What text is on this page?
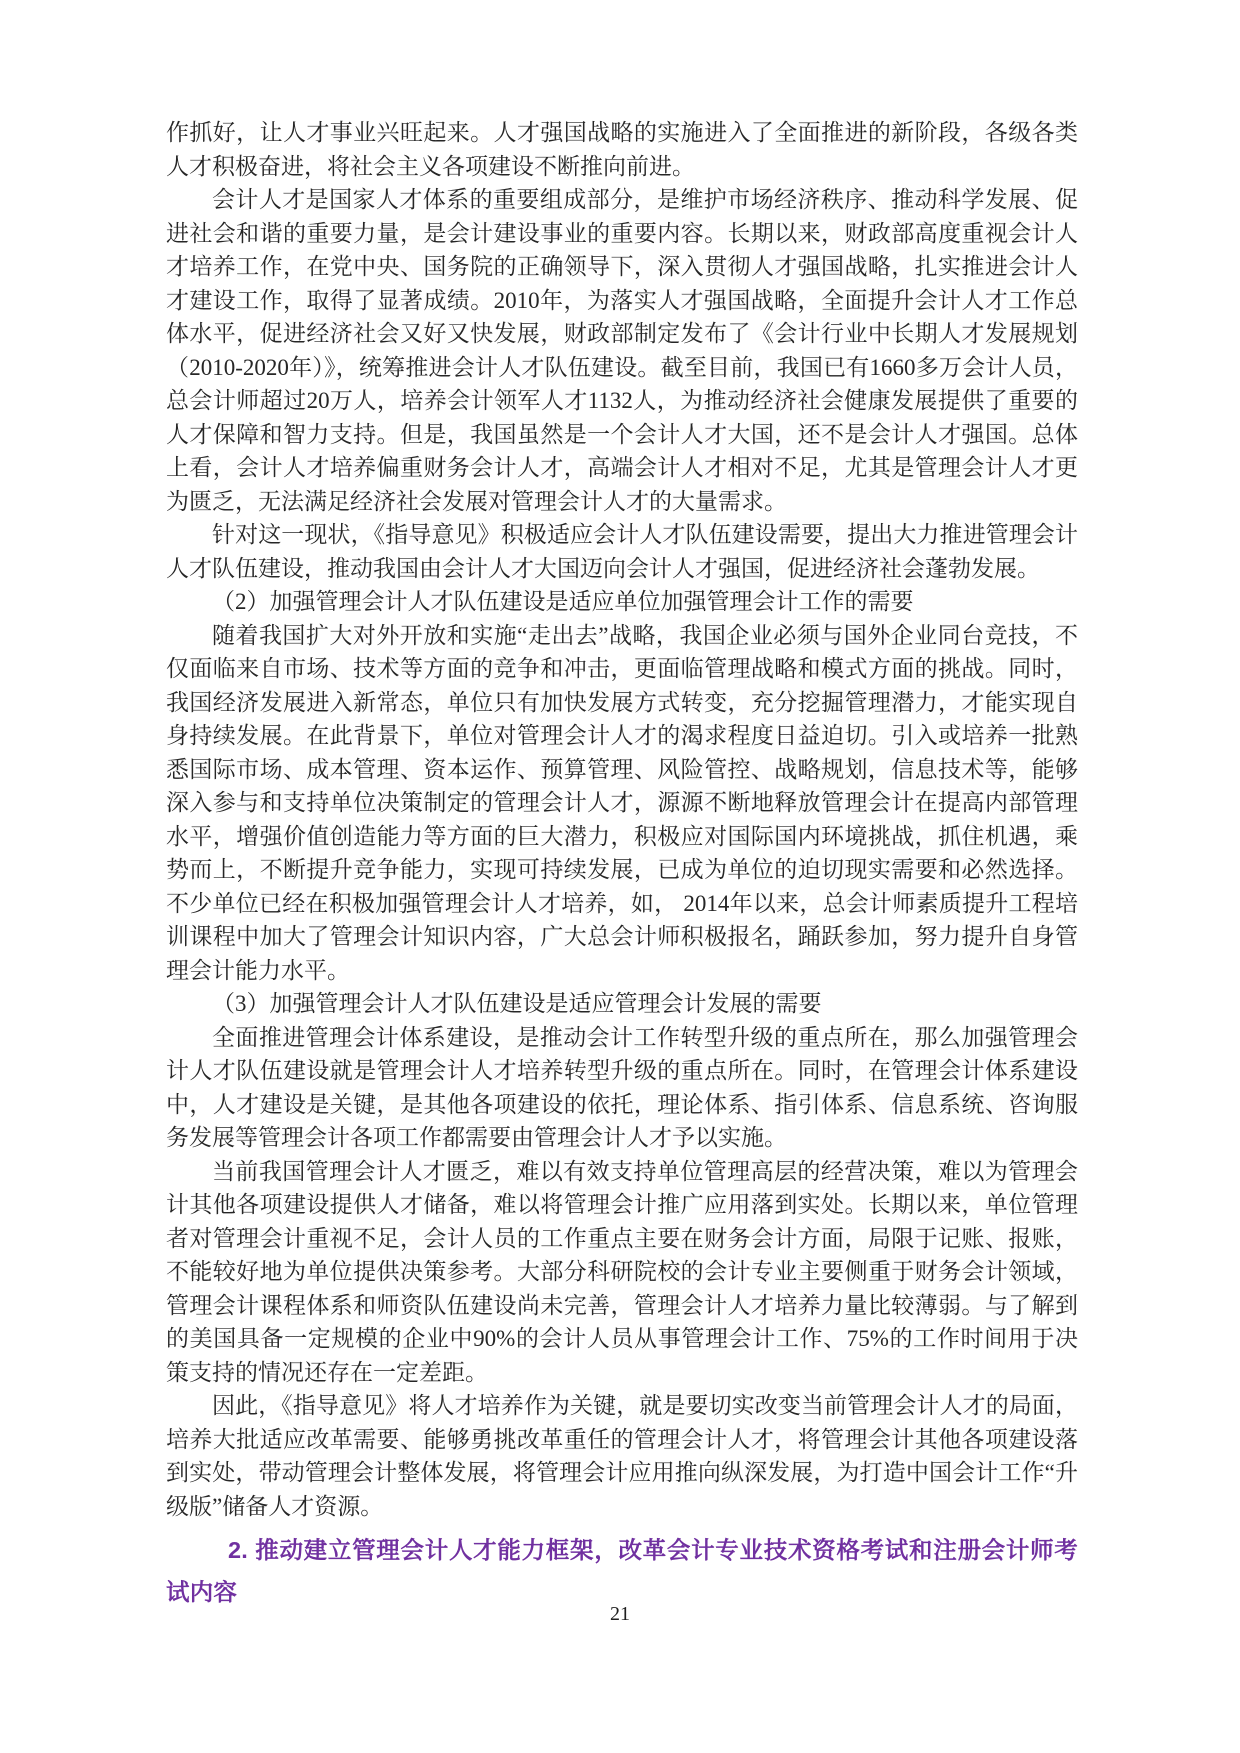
作抓好，让人才事业兴旺起来。人才强国战略的实施进入了全面推进的新阶段，各级各类人才积极奋进，将社会主义各项建设不断推向前进。

会计人才是国家人才体系的重要组成部分，是维护市场经济秩序、推动科学发展、促进社会和谐的重要力量，是会计建设事业的重要内容。长期以来，财政部高度重视会计人才培养工作，在党中央、国务院的正确领导下，深入贯彻人才强国战略，扎实推进会计人才建设工作，取得了显著成绩。2010年，为落实人才强国战略，全面提升会计人才工作总体水平，促进经济社会又好又快发展，财政部制定发布了《会计行业中长期人才发展规划（2010-2020年）》，统筹推进会计人才队伍建设。截至目前，我国已有1660多万会计人员，总会计师超过20万人，培养会计领军人才1132人，为推动经济社会健康发展提供了重要的人才保障和智力支持。但是，我国虽然是一个会计人才大国，还不是会计人才强国。总体上看，会计人才培养偏重财务会计人才，高端会计人才相对不足，尤其是管理会计人才更为匮乏，无法满足经济社会发展对管理会计人才的大量需求。

针对这一现状，《指导意见》积极适应会计人才队伍建设需要，提出大力推进管理会计人才队伍建设，推动我国由会计人才大国迈向会计人才强国，促进经济社会蓬勃发展。

（2）加强管理会计人才队伍建设是适应单位加强管理会计工作的需要

随着我国扩大对外开放和实施“走出去”战略，我国企业必须与国外企业同台竞技，不仅面临来自市场、技术等方面的竞争和冲击，更面临管理战略和模式方面的挑战。同时，我国经济发展进入新常态，单位只有加快发展方式转变，充分挖掘管理潜力，才能实现自身持续发展。在此背景下，单位对管理会计人才的渴求程度日益迫切。引入或培养一批熟悉国际市场、成本管理、资本运作、预算管理、风险管控、战略规划，信息技术等，能够深入参与和支持单位决策制定的管理会计人才，源源不断地释放管理会计在提高内部管理水平，增强价值创造能力等方面的巨大潜力，积极应对国际国内环境挑战，抓住机遇，乘势而上，不断提升竞争能力，实现可持续发展，已成为单位的迫切现实需要和必然选择。不少单位已经在积极加强管理会计人才培养，如， 2014年以来，总会计师素质提升工程培训课程中加大了管理会计知识内容，广大总会计师积极报名，踊跃参加，努力提升自身管理会计能力水平。

（3）加强管理会计人才队伍建设是适应管理会计发展的需要

全面推进管理会计体系建设，是推动会计工作转型升级的重点所在，那么加强管理会计人才队伍建设就是管理会计人才培养转型升级的重点所在。同时，在管理会计体系建设中，人才建设是关键，是其他各项建设的依托，理论体系、指引体系、信息系统、咨询服务发展等管理会计各项工作都需要由管理会计人才予以实施。

当前我国管理会计人才匮乏，难以有效支持单位管理高层的经营决策，难以为管理会计其他各项建设提供人才储备，难以将管理会计推广应用落到实处。长期以来，单位管理者对管理会计重视不足，会计人员的工作重点主要在财务会计方面，局限于记账、报账，不能较好地为单位提供决策参考。大部分科研院校的会计专业主要侧重于财务会计领域，管理会计课程体系和师资队伍建设尚未完善，管理会计人才培养力量比较薄弱。与了解到的美国具备一定规模的企业中90%的会计人员从事管理会计工作、75%的工作时间用于决策支持的情况还存在一定差距。

因此，《指导意见》将人才培养作为关键，就是要切实改变当前管理会计人才的局面，培养大批适应改革需要、能够勇挑改革重任的管理会计人才，将管理会计其他各项建设落到实处，带动管理会计整体发展，将管理会计应用推向纵深发展，为打造中国会计工作“升级版”储备人才资源。

2. 推动建立管理会计人才能力框架，改革会计专业技术资格考试和注册会计师考试内容

21
